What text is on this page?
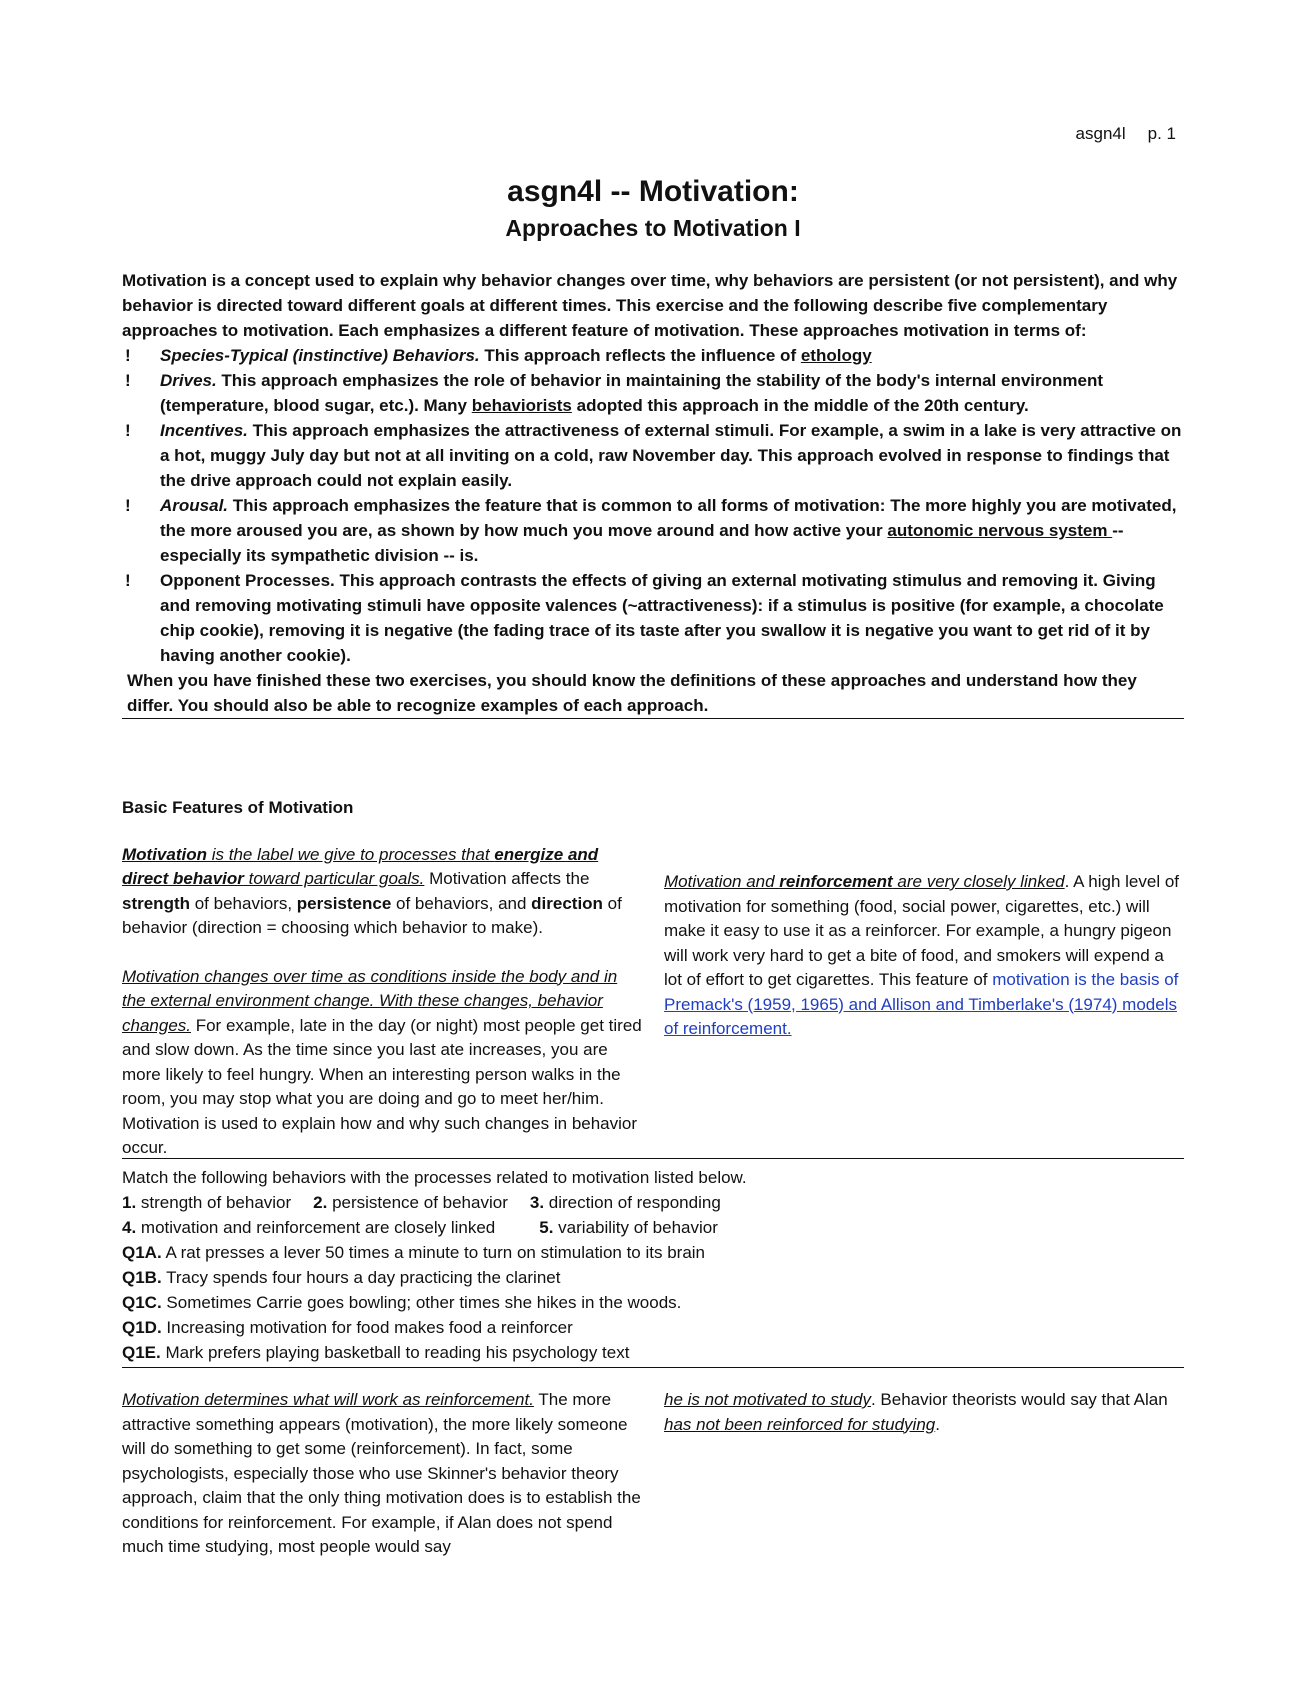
asgn4l p. 1
asgn4l -- Motivation:
Approaches to Motivation I

Motivation is a concept used to explain why behavior changes over time, why behaviors are persistent (or not persistent), and why behavior is directed toward different goals at different times. This exercise and the following describe five complementary approaches to motivation. Each emphasizes a different feature of motivation. These approaches motivation in terms of:

! Species-Typical (instinctive) Behaviors. This approach reflects the influence of ethology
! Drives. This approach emphasizes the role of behavior in maintaining the stability of the body's internal environment (temperature, blood sugar, etc.). Many behaviorists adopted this approach in the middle of the 20th century.
! Incentives. This approach emphasizes the attractiveness of external stimuli. For example, a swim in a lake is very attractive on a hot, muggy July day but not at all inviting on a cold, raw November day. This approach evolved in response to findings that the drive approach could not explain easily.
! Arousal. This approach emphasizes the feature that is common to all forms of motivation: The more highly you are motivated, the more aroused you are, as shown by how much you move around and how active your autonomic nervous system -- especially its sympathetic division -- is.
! Opponent Processes. This approach contrasts the effects of giving an external motivating stimulus and removing it. Giving and removing motivating stimuli have opposite valences (~attractiveness): if a stimulus is positive (for example, a chocolate chip cookie), removing it is negative (the fading trace of its taste after you swallow it is negative you want to get rid of it by having another cookie).

When you have finished these two exercises, you should know the definitions of these approaches and understand how they differ. You should also be able to recognize examples of each approach.

Basic Features of Motivation

Motivation is the label we give to processes that energize and direct behavior toward particular goals. Motivation affects the strength of behaviors, persistence of behaviors, and direction of behavior (direction = choosing which behavior to make).

Motivation changes over time as conditions inside the body and in the external environment change. With these changes, behavior changes. For example, late in the day (or night) most people get tired and slow down. As the time since you last ate increases, you are more likely to feel hungry. When an interesting person walks in the room, you may stop what you are doing and go to meet her/him. Motivation is used to explain how and why such changes in behavior occur.

Motivation and reinforcement are very closely linked. A high level of motivation for something (food, social power, cigarettes, etc.) will make it easy to use it as a reinforcer. For example, a hungry pigeon will work very hard to get a bite of food, and smokers will expend a lot of effort to get cigarettes. This feature of motivation is the basis of Premack's (1959, 1965) and Allison and Timberlake's (1974) models of reinforcement.

Match the following behaviors with the processes related to motivation listed below.
1. strength of behavior 2. persistence of behavior 3. direction of responding
4. motivation and reinforcement are closely linked	5. variability of behavior
Q1A. A rat presses a lever 50 times a minute to turn on stimulation to its brain
Q1B. Tracy spends four hours a day practicing the clarinet
Q1C. Sometimes Carrie goes bowling; other times she hikes in the woods.
Q1D. Increasing motivation for food makes food a reinforcer
Q1E. Mark prefers playing basketball to reading his psychology text

Motivation determines what will work as reinforcement. The more attractive something appears (motivation), the more likely someone will do something to get some (reinforcement). In fact, some psychologists, especially those who use Skinner's behavior theory approach, claim that the only thing motivation does is to establish the conditions for reinforcement. For example, if Alan does not spend much time studying, most people would say

he is not motivated to study. Behavior theorists would say that Alan has not been reinforced for studying.
